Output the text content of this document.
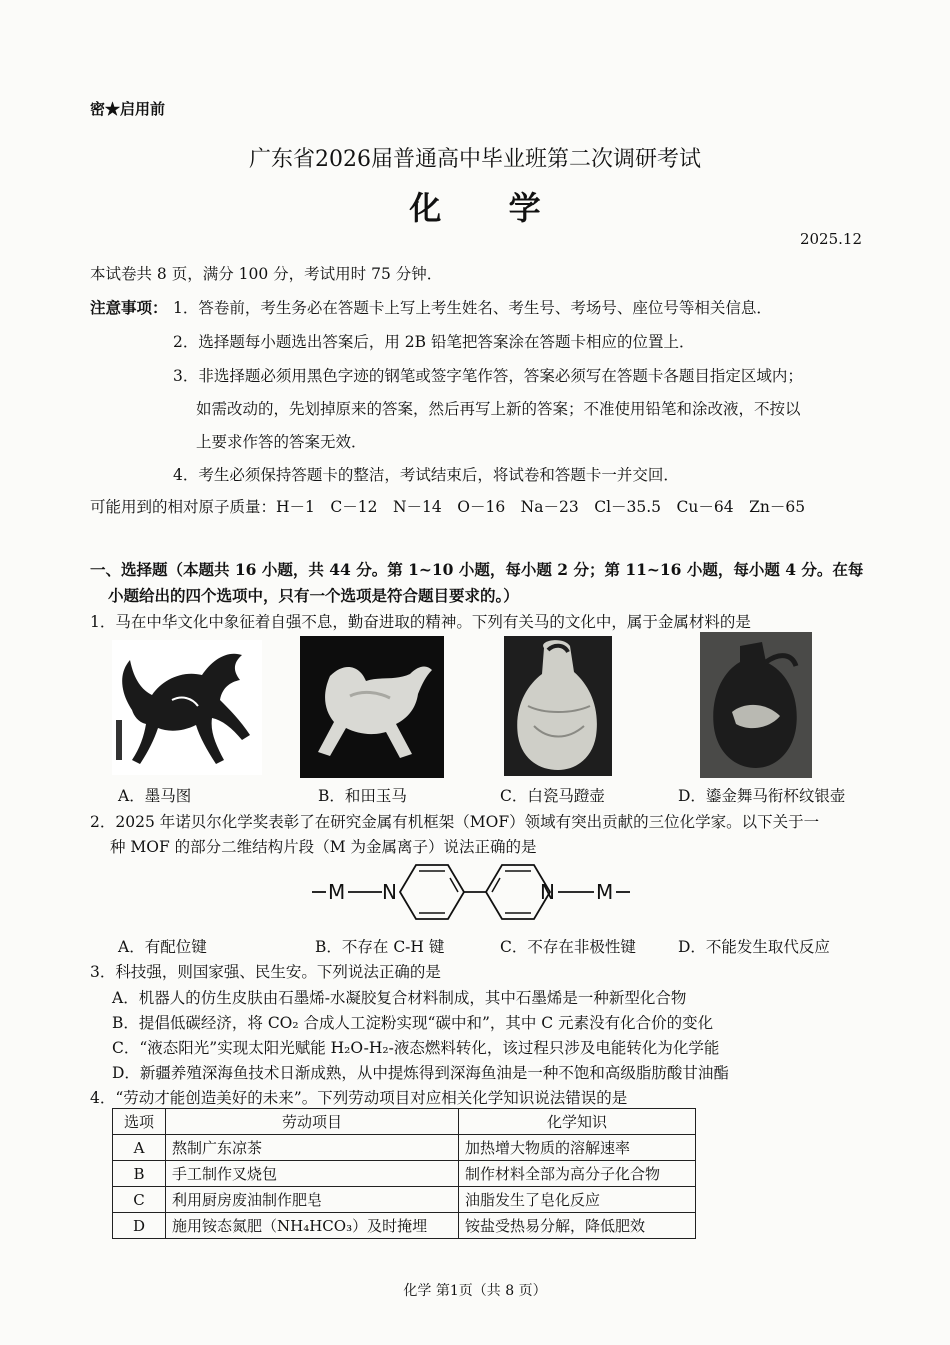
密★启用前
广东省2026届普通高中毕业班第二次调研考试
化 学
2025.12
本试卷共 8 页，满分 100 分，考试用时 75 分钟．
注意事项： 1．答卷前，考生务必在答题卡上写上考生姓名、考生号、考场号、座位号等相关信息．
2．选择题每小题选出答案后，用 2B 铅笔把答案涂在答题卡相应的位置上．
3．非选择题必须用黑色字迹的钢笔或签字笔作答，答案必须写在答题卡各题目指定区域内；
如需改动的，先划掉原来的答案，然后再写上新的答案；不准使用铅笔和涂改液，不按以
上要求作答的答案无效．
4．考生必须保持答题卡的整洁，考试结束后，将试卷和答题卡一并交回．
可能用到的相对原子质量：H－1　C－12　N－14　O－16　Na－23　Cl－35.5　Cu－64　Zn－65
一、选择题（本题共 16 小题，共 44 分。第 1~10 小题，每小题 2 分；第 11~16 小题，每小题 4 分。在每
小题给出的四个选项中，只有一个选项是符合题目要求的。）
1．马在中华文化中象征着自强不息，勤奋进取的精神。下列有关马的文化中，属于金属材料的是
A．墨马图	B．和田玉马	C．白瓷马蹬壶	D．鎏金舞马衔杯纹银壶
2．2025 年诺贝尔化学奖表彰了在研究金属有机框架（MOF）领域有突出贡献的三位化学家。以下关于一
种 MOF 的部分二维结构片段（M 为金属离子）说法正确的是
M N	N M
A．有配位键	B．不存在 C-H 键	C．不存在非极性键	D．不能发生取代反应
3．科技强，则国家强、民生安。下列说法正确的是
A．机器人的仿生皮肤由石墨烯-水凝胶复合材料制成，其中石墨烯是一种新型化合物
B．提倡低碳经济，将 CO₂ 合成人工淀粉实现“碳中和”，其中 C 元素没有化合价的变化
C．“液态阳光”实现太阳光赋能 H₂O-H₂-液态燃料转化，该过程只涉及电能转化为化学能
D．新疆养殖深海鱼技术日渐成熟，从中提炼得到深海鱼油是一种不饱和高级脂肪酸甘油酯
4．“劳动才能创造美好的未来”。下列劳动项目对应相关化学知识说法错误的是
选项	劳动项目	化学知识
A	熬制广东凉茶	加热增大物质的溶解速率
B	手工制作叉烧包	制作材料全部为高分子化合物
C	利用厨房废油制作肥皂	油脂发生了皂化反应
D	施用铵态氮肥（NH₄HCO₃）及时掩埋	铵盐受热易分解，降低肥效
化学 第1页（共 8 页）
